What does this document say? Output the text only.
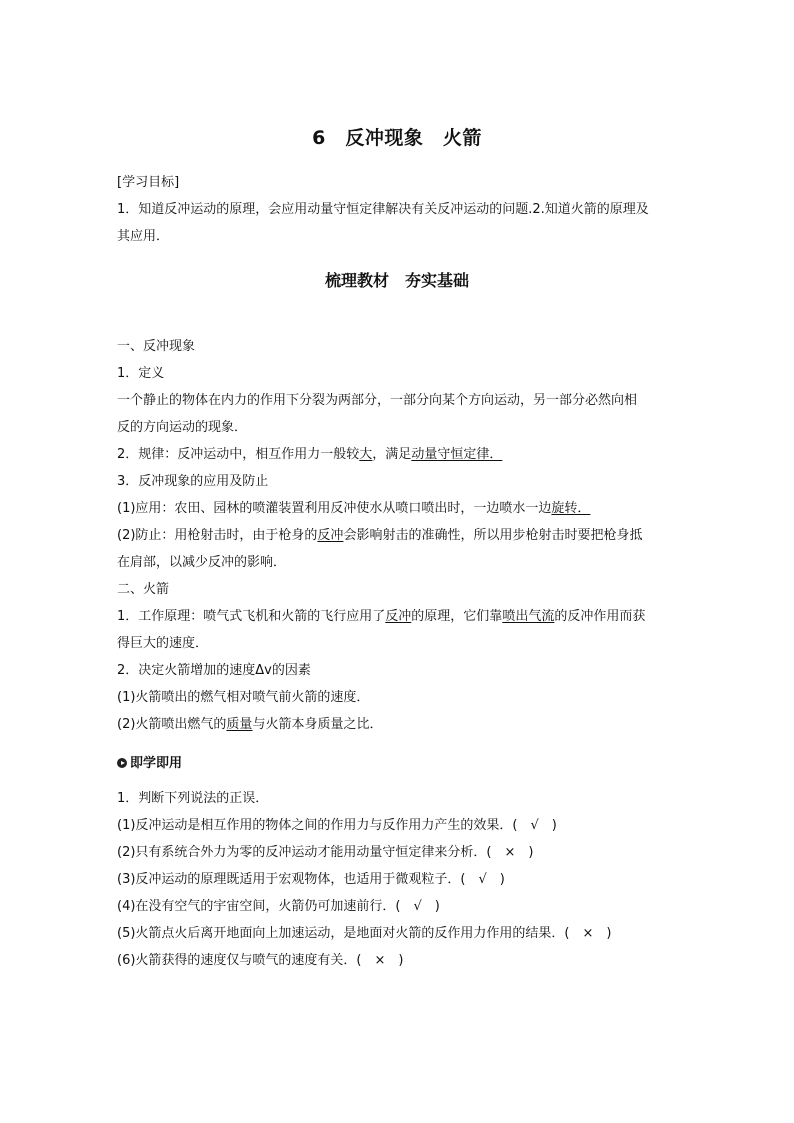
6　反冲现象　火箭
[学习目标]
1．知道反冲运动的原理，会应用动量守恒定律解决有关反冲运动的问题.2.知道火箭的原理及
其应用．
梳理教材　夯实基础
一、反冲现象
1．定义
一个静止的物体在内力的作用下分裂为两部分，一部分向某个方向运动，另一部分必然向相
反的方向运动的现象．
2．规律：反冲运动中，相互作用力一般较大，满足动量守恒定律．
3．反冲现象的应用及防止
(1)应用：农田、园林的喷灌装置利用反冲使水从喷口喷出时，一边喷水一边旋转．
(2)防止：用枪射击时，由于枪身的反冲会影响射击的准确性，所以用步枪射击时要把枪身抵
在肩部，以减少反冲的影响．
二、火箭
1．工作原理：喷气式飞机和火箭的飞行应用了反冲的原理，它们靠喷出气流的反冲作用而获
得巨大的速度．
2．决定火箭增加的速度Δv的因素
(1)火箭喷出的燃气相对喷气前火箭的速度．
(2)火箭喷出燃气的质量与火箭本身质量之比．
即学即用
1．判断下列说法的正误．
(1)反冲运动是相互作用的物体之间的作用力与反作用力产生的效果．(　√　)
(2)只有系统合外力为零的反冲运动才能用动量守恒定律来分析．(　×　)
(3)反冲运动的原理既适用于宏观物体，也适用于微观粒子．(　√　)
(4)在没有空气的宇宙空间，火箭仍可加速前行．(　√　)
(5)火箭点火后离开地面向上加速运动，是地面对火箭的反作用力作用的结果．(　×　)
(6)火箭获得的速度仅与喷气的速度有关．(　×　)
